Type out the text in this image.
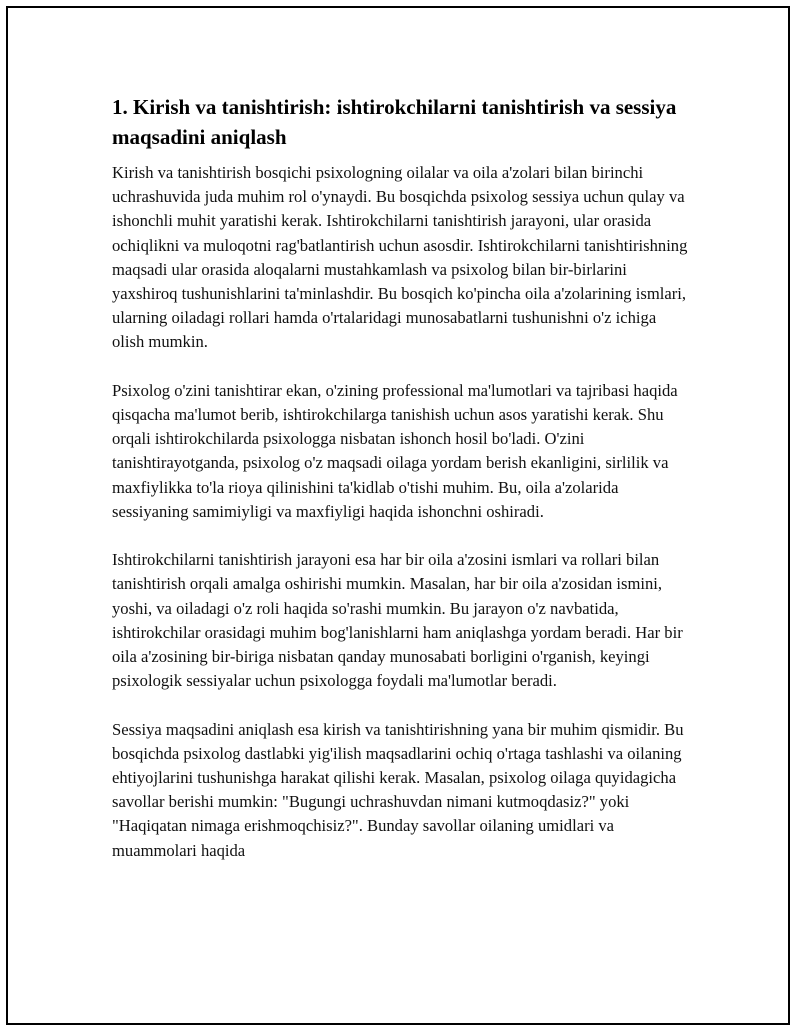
1. Kirish va tanishtirish: ishtirokchilarni tanishtirish va sessiya maqsadini aniqlash

Kirish va tanishtirish bosqichi psixologning oilalar va oila a'zolari bilan birinchi uchrashuvida juda muhim rol o'ynaydi. Bu bosqichda psixolog sessiya uchun qulay va ishonchli muhit yaratishi kerak. Ishtirokchilarni tanishtirish jarayoni, ular orasida ochiqlikni va muloqotni rag'batlantirish uchun asosdir. Ishtirokchilarni tanishtirishning maqsadi ular orasida aloqalarni mustahkamlash va psixolog bilan bir-birlarini yaxshiroq tushunishlarini ta'minlashdir. Bu bosqich ko'pincha oila a'zolarining ismlari, ularning oiladagi rollari hamda o'rtalaridagi munosabatlarni tushunishni o'z ichiga olish mumkin.

Psixolog o'zini tanishtirar ekan, o'zining professional ma'lumotlari va tajribasi haqida qisqacha ma'lumot berib, ishtirokchilarga tanishish uchun asos yaratishi kerak. Shu orqali ishtirokchilarda psixologga nisbatan ishonch hosil bo'ladi. O'zini tanishtirayotganda, psixolog o'z maqsadi oilaga yordam berish ekanligini, sirlilik va maxfiylikka to'la rioya qilinishini ta'kidlab o'tishi muhim. Bu, oila a'zolarida sessiyaning samimiyligi va maxfiyligi haqida ishonchni oshiradi.

Ishtirokchilarni tanishtirish jarayoni esa har bir oila a'zosini ismlari va rollari bilan tanishtirish orqali amalga oshirishi mumkin. Masalan, har bir oila a'zosidan ismini, yoshi, va oiladagi o'z roli haqida so'rashi mumkin. Bu jarayon o'z navbatida, ishtirokchilar orasidagi muhim bog'lanishlarni ham aniqlashga yordam beradi. Har bir oila a'zosining bir-biriga nisbatan qanday munosabati borligini o'rganish, keyingi psixologik sessiyalar uchun psixologga foydali ma'lumotlar beradi.

Sessiya maqsadini aniqlash esa kirish va tanishtirishning yana bir muhim qismidir. Bu bosqichda psixolog dastlabki yig'ilish maqsadlarini ochiq o'rtaga tashlashi va oilaning ehtiyojlarini tushunishga harakat qilishi kerak. Masalan, psixolog oilaga quyidagicha savollar berishi mumkin: "Bugungi uchrashuvdan nimani kutmoqdasiz?" yoki "Haqiqatan nimaga erishmoqchisiz?". Bunday savollar oilaning umidlari va muammolari haqida
